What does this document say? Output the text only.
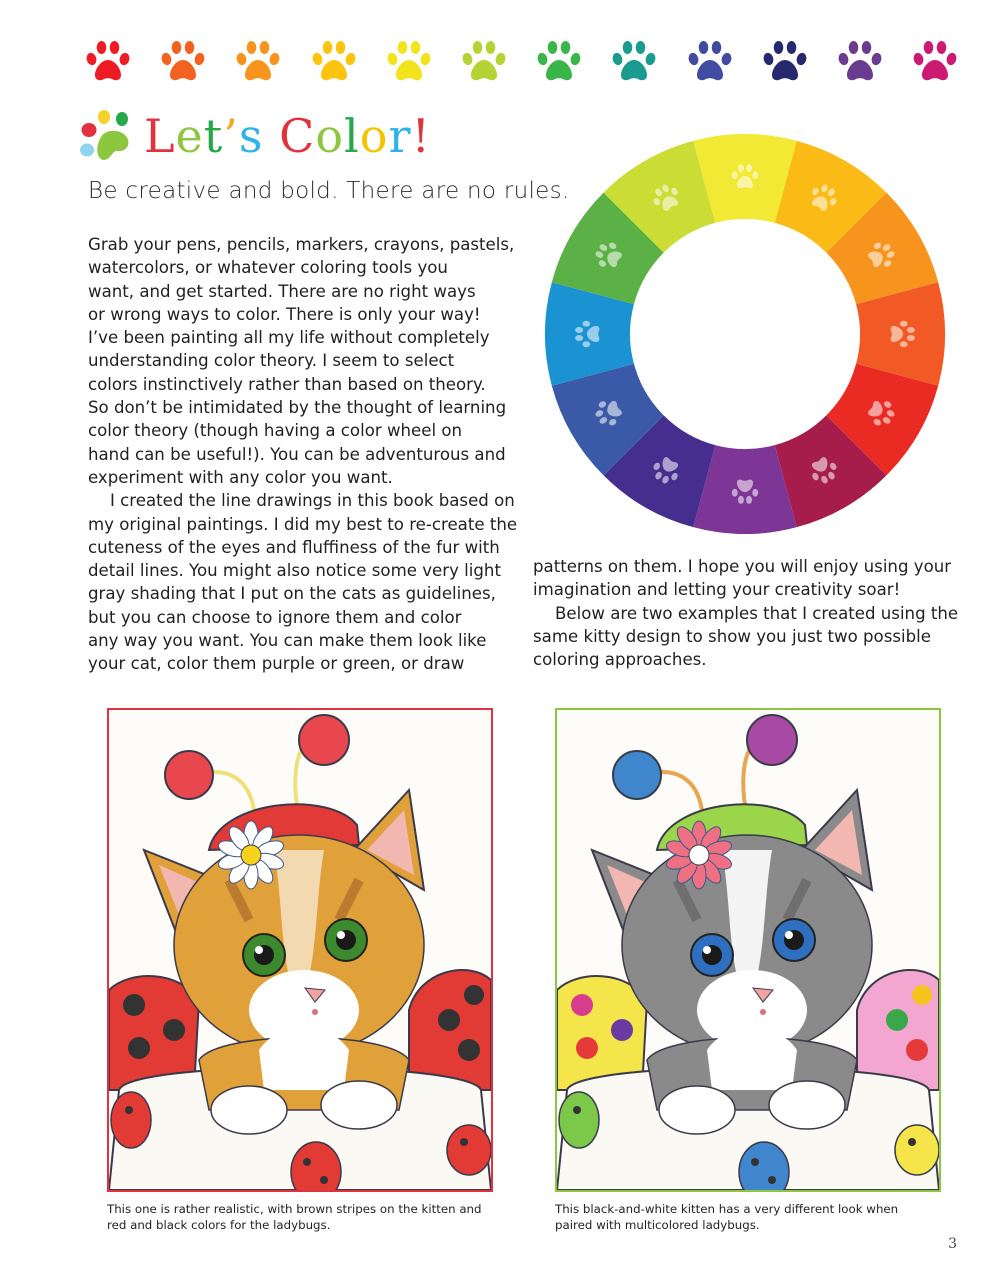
Let’s Color!
Be creative and bold. There are no rules.
Grab your pens, pencils, markers, crayons, pastels,
watercolors, or whatever coloring tools you
want, and get started. There are no right ways
or wrong ways to color. There is only your way!
I’ve been painting all my life without completely
understanding color theory. I seem to select
colors instinctively rather than based on theory.
So don’t be intimidated by the thought of learning
color theory (though having a color wheel on
hand can be useful!). You can be adventurous and
experiment with any color you want.
I created the line drawings in this book based on
my original paintings. I did my best to re-create the
cuteness of the eyes and fluffiness of the fur with
detail lines. You might also notice some very light
gray shading that I put on the cats as guidelines,
but you can choose to ignore them and color
any way you want. You can make them look like
your cat, color them purple or green, or draw
patterns on them. I hope you will enjoy using your
imagination and letting your creativity soar!
Below are two examples that I created using the
same kitty design to show you just two possible
coloring approaches.
This one is rather realistic, with brown stripes on the kitten and
red and black colors for the ladybugs.
This black-and-white kitten has a very different look when
paired with multicolored ladybugs.
3
